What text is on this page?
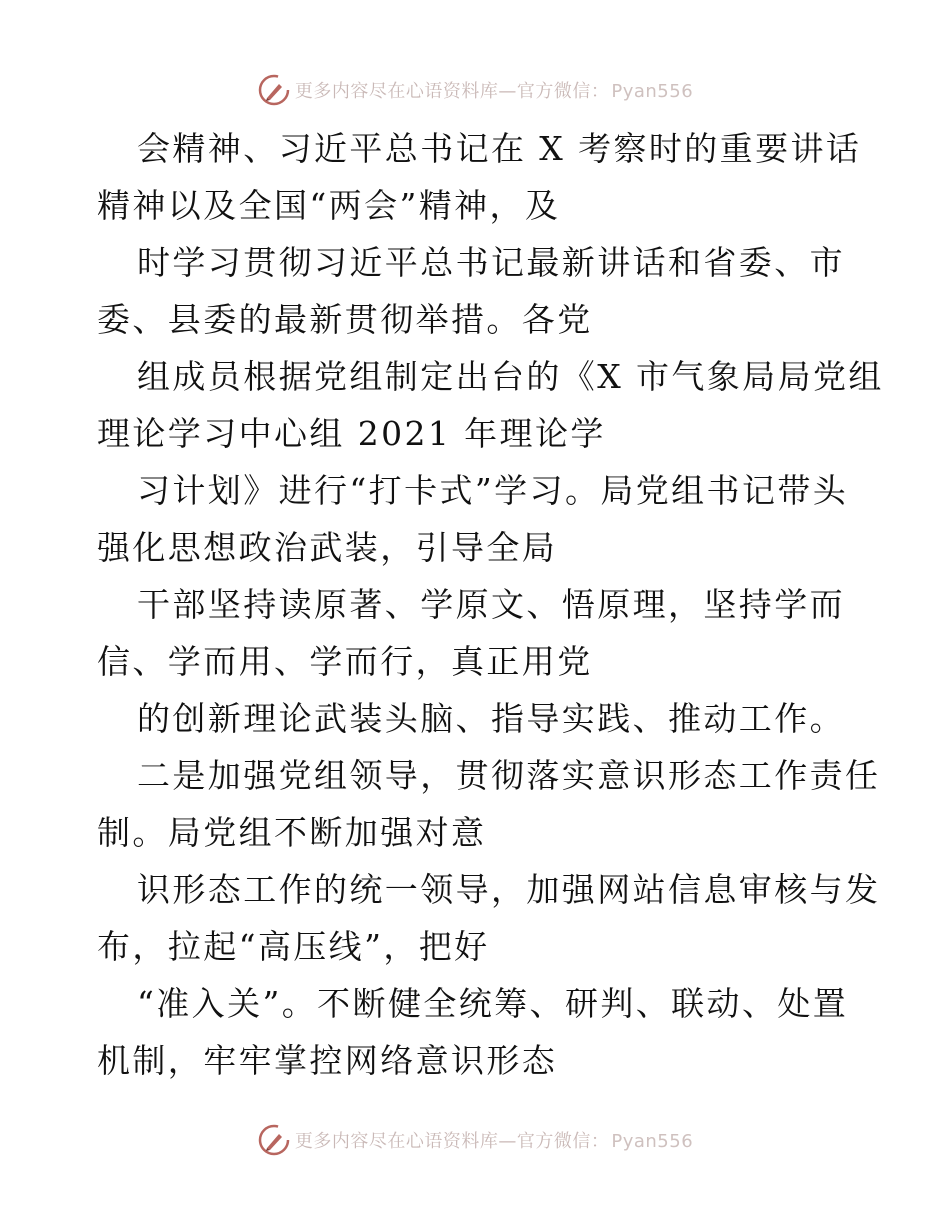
更多内容尽在心语资料库—官方微信： Pyan556
会精神、习近平总书记在 X 考察时的重要讲话
精神以及全国“两会”精神，及
时学习贯彻习近平总书记最新讲话和省委、市
委、县委的最新贯彻举措。各党
组成员根据党组制定出台的《X 市气象局局党组
理论学习中心组 2021 年理论学
习计划》进行“打卡式”学习。局党组书记带头
强化思想政治武装，引导全局
干部坚持读原著、学原文、悟原理，坚持学而
信、学而用、学而行，真正用党
的创新理论武装头脑、指导实践、推动工作。
二是加强党组领导，贯彻落实意识形态工作责任
制。局党组不断加强对意
识形态工作的统一领导，加强网站信息审核与发
布，拉起“高压线”，把好
“准入关”。不断健全统筹、研判、联动、处置
机制，牢牢掌控网络意识形态
更多内容尽在心语资料库—官方微信： Pyan556
